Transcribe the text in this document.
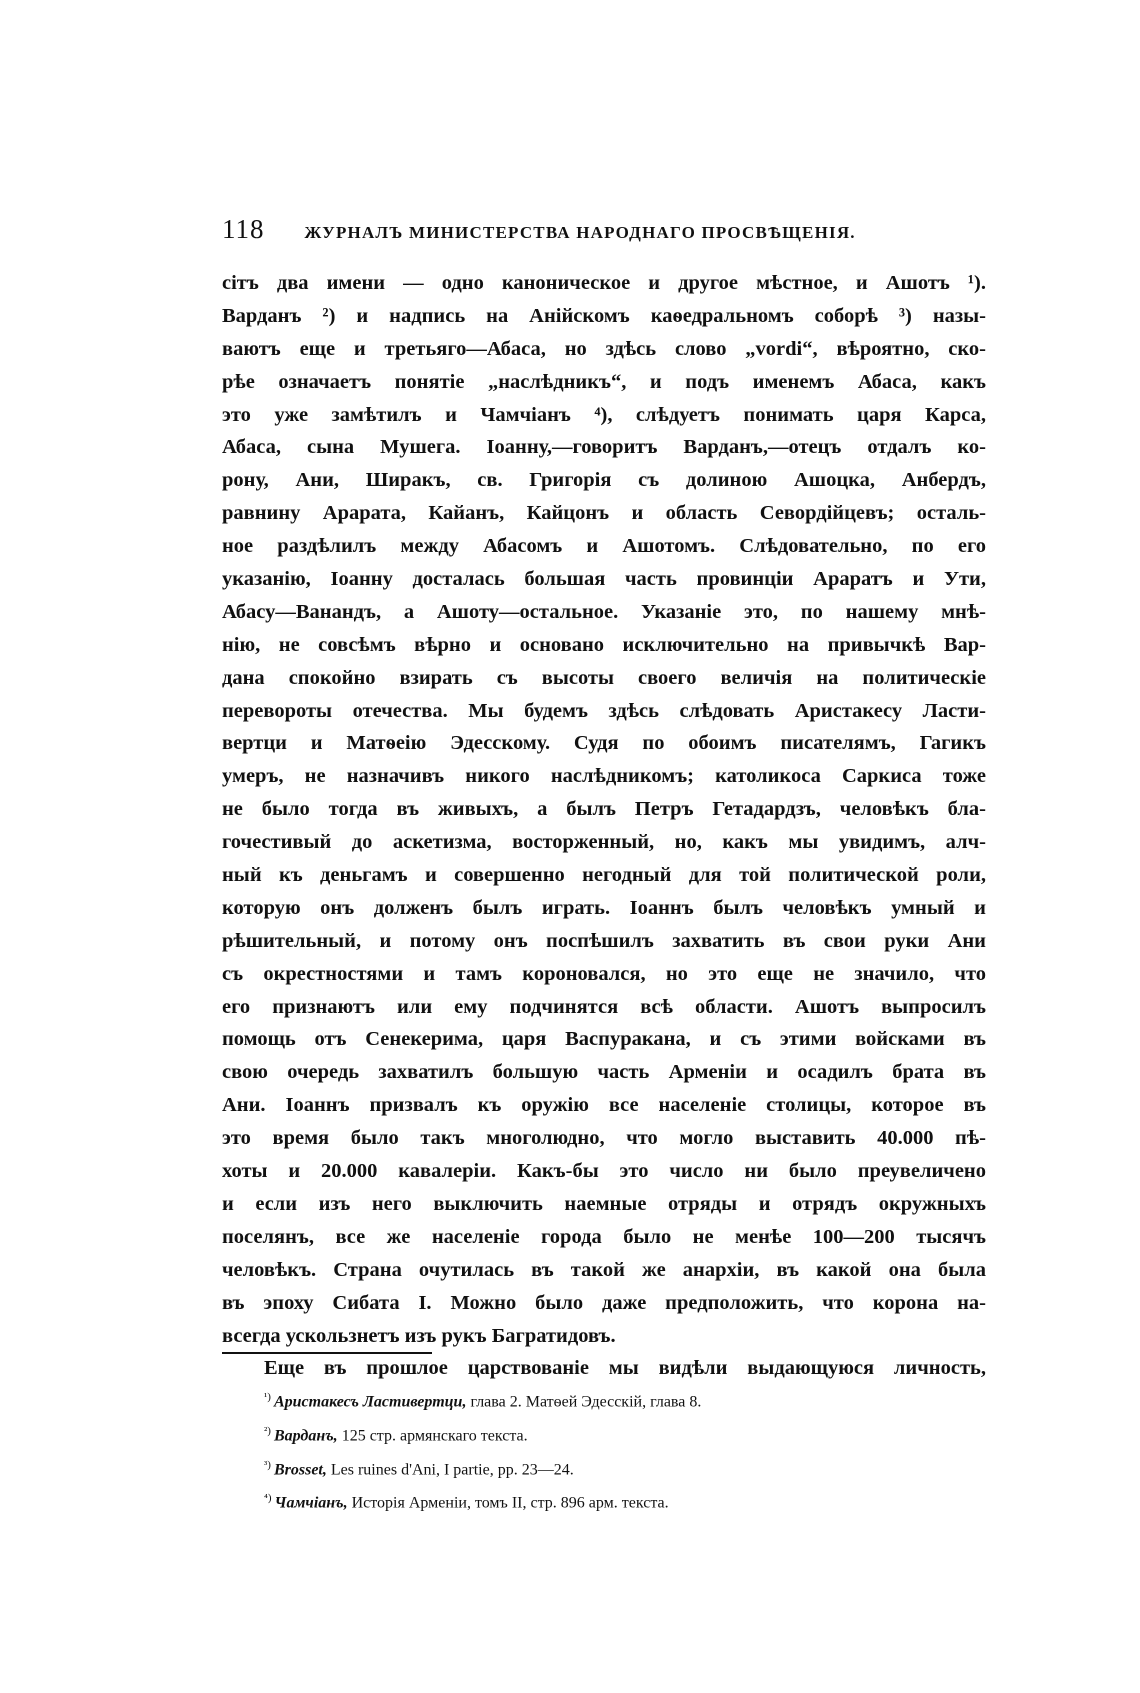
118 ЖУРНАЛЪ МИНИСТЕРСТВА НАРОДНАГО ПРОСВѢЩЕНІЯ.
сітъ два имени — одно каноническое и другое мѣстное, и Ашотъ ¹).
Варданъ ²) и надпись на Анійскомъ каѳедральномъ соборѣ ³) назы-
ваютъ еще и третьяго—Абаса, но здѣсь слово „vordi“, вѣроятно, ско-
рѣе означаетъ понятіе „наслѣдникъ“, и подъ именемъ Абаса, какъ
это уже замѣтилъ и Чамчіанъ ⁴), слѣдуетъ понимать царя Карса,
Абаса, сына Мушега. Іоанну,—говоритъ Варданъ,—отецъ отдалъ ко-
рону, Ани, Ширакъ, св. Григорія съ долиною Ашоцка, Анбердъ,
равнину Арарата, Кайанъ, Кайцонъ и область Севордійцевъ; осталь-
ное раздѣлилъ между Абасомъ и Ашотомъ. Слѣдовательно, по его
указанію, Іоанну досталась большая часть провинціи Араратъ и Ути,
Абасу—Ванандъ, а Ашоту—остальное. Указаніе это, по нашему мнѣ-
нію, не совсѣмъ вѣрно и основано исключительно на привычкѣ Вар-
дана спокойно взирать съ высоты своего величія на политическіе
перевороты отечества. Мы будемъ здѣсь слѣдовать Аристакесу Ласти-
вертци и Матѳеію Эдесскому. Судя по обоимъ писателямъ, Гагикъ
умеръ, не назначивъ никого наслѣдникомъ; католикоса Саркиса тоже
не было тогда въ живыхъ, а былъ Петръ Гетадардзъ, человѣкъ бла-
гочестивый до аскетизма, восторженный, но, какъ мы увидимъ, алч-
ный къ деньгамъ и совершенно негодный для той политической роли,
которую онъ долженъ былъ играть. Іоаннъ былъ человѣкъ умный и
рѣшительный, и потому онъ поспѣшилъ захватить въ свои руки Ани
съ окрестностями и тамъ короновался, но это еще не значило, что
его признаютъ или ему подчинятся всѣ области. Ашотъ выпросилъ
помощь отъ Сенекерима, царя Васпуракана, и съ этими войсками въ
свою очередь захватилъ большую часть Арменіи и осадилъ брата въ
Ани. Іоаннъ призвалъ къ оружію все населеніе столицы, которое въ
это время было такъ многолюдно, что могло выставить 40.000 пѣ-
хоты и 20.000 кавалеріи. Какъ-бы это число ни было преувеличено
и если изъ него выключить наемные отряды и отрядъ окружныхъ
поселянъ, все же населеніе города было не менѣе 100—200 тысячъ
человѣкъ. Страна очутилась въ такой же анархіи, въ какой она была
въ эпоху Сибата I. Можно было даже предположить, что корона на-
всегда ускользнетъ изъ рукъ Багратидовъ.
Еще въ прошлое царствованіе мы видѣли выдающуюся личность,
$^{^1)}$ Аристакесъ Ластивертци, глава 2. Матѳей Эдесскій, глава 8.
$^{^2)}$ Варданъ, 125 стр. армянскаго текста.
$^{^3)}$ Brosset, Les ruines d'Ani, I partie, pp. 23—24.
$^{^4)}$ Чамчіанъ, Исторія Арменіи, томъ II, стр. 896 арм. текста.
